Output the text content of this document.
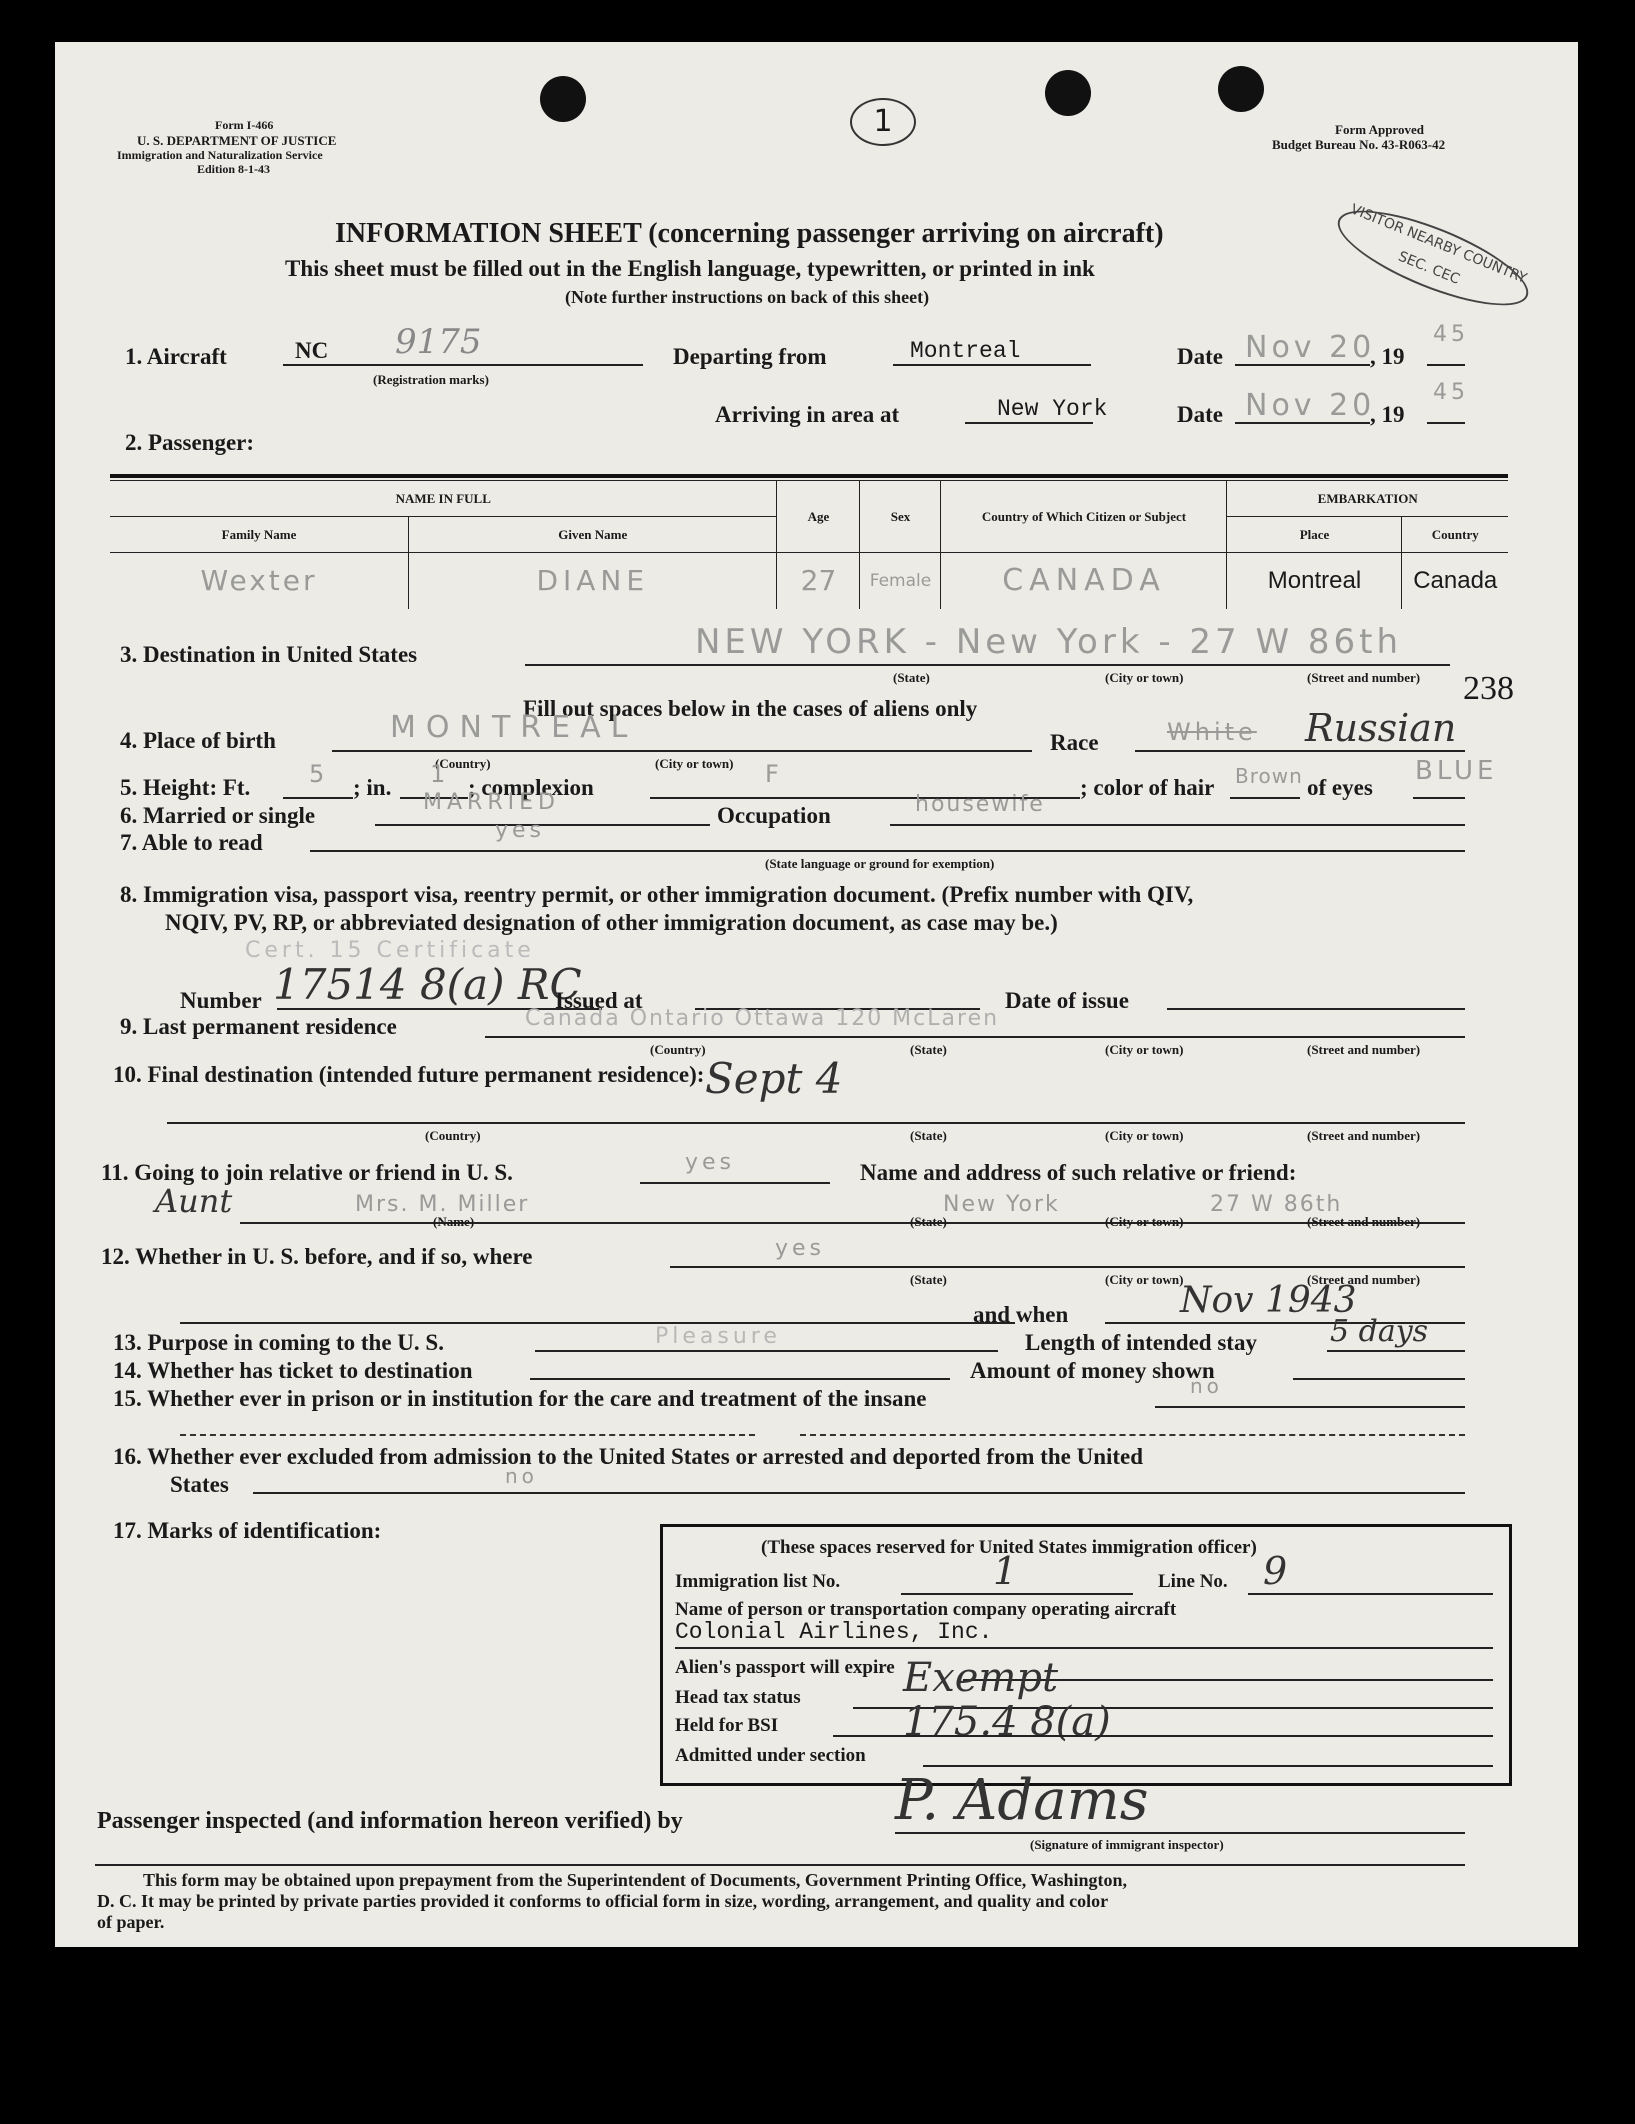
Form I-466
U. S. DEPARTMENT OF JUSTICE
Immigration and Naturalization Service
Edition 8-1-43
1	Form Approved
Budget Bureau No. 43-R063-42
VISITOR NEARBY COUNTRY SEC. CEC
INFORMATION SHEET (concerning passenger arriving on aircraft)
This sheet must be filled out in the English language, typewritten, or printed in ink
(Note further instructions on back of this sheet)
1. Aircraft	NC 9175
(Registration marks)
Departing from	Montreal	Date Nov 20
, 19
45
Arriving in area at	New York	Date Nov 20
, 19
45
2. Passenger:
NAME IN FULL		Age	Sex	Country of Which Citizen or Subject	EMBARKATION	
Family Name	Given Name				Place	Country
Wexter	DIANE	27	Female	CANADA	Montreal	Canada
3. Destination in United States	NEW YORK - New York - 27 W 86th
(State)	(City or town)	(Street and number) 238
Fill out spaces below in the cases of aliens only
4. Place of birth	MONTREAL
(Country)	(City or town)
Race	White Russian
5. Height: Ft. 5 ; in. 1 ; complexion	F	; color of hair Brown of eyes
BLUE
6. Married or single
MARRIED
Occupation	housewife
7. Able to read	yes
(State language or ground for exemption)
8. Immigration visa, passport visa, reentry permit, or other immigration document. (Prefix number with QIV,
NQIV, PV, RP, or abbreviated designation of other immigration document, as case may be.)
Cert. 15 Certificate
Number 17514 8(a) RC
Issued at	Date of issue
9. Last permanent residence	Canada Ontario Ottawa 120 McLaren
(Country)	(State)	(City or town)	(Street and number)
10. Final destination (intended future permanent residence): Sept 4
(Country)	(State)	(City or town)	(Street and number)
11. Going to join relative or friend in U. S.	yes	Name and address of such relative or friend:
Aunt	Mrs. M. Miller	New York	27 W 86th
(Name)	(State)	(City or town)	(Street and number)
12. Whether in U. S. before, and if so, where	yes
(State)	(City or town)	(Street and number)
and when	Nov 1943
13. Purpose in coming to the U. S.	Pleasure	Length of intended stay 5 days
14. Whether has ticket to destination	Amount of money shown
15. Whether ever in prison or in institution for the care and treatment of the insane	no
16. Whether ever excluded from admission to the United States or arrested and deported from the United
States	no
17. Marks of identification:
(These spaces reserved for United States immigration officer)
Immigration list No.	1	Line No. 9
Name of person or transportation company operating aircraft
Colonial Airlines, Inc.
Alien's passport will expire
Head tax status	Exempt
Held for BSI	175.4 8(a)
Admitted under section
Passenger inspected (and information hereon verified) by	P. Adams
(Signature of immigrant inspector)
This form may be obtained upon prepayment from the Superintendent of Documents, Government Printing Office, Washington,
D. C. It may be printed by private parties provided it conforms to official form in size, wording, arrangement, and quality and color
of paper.
